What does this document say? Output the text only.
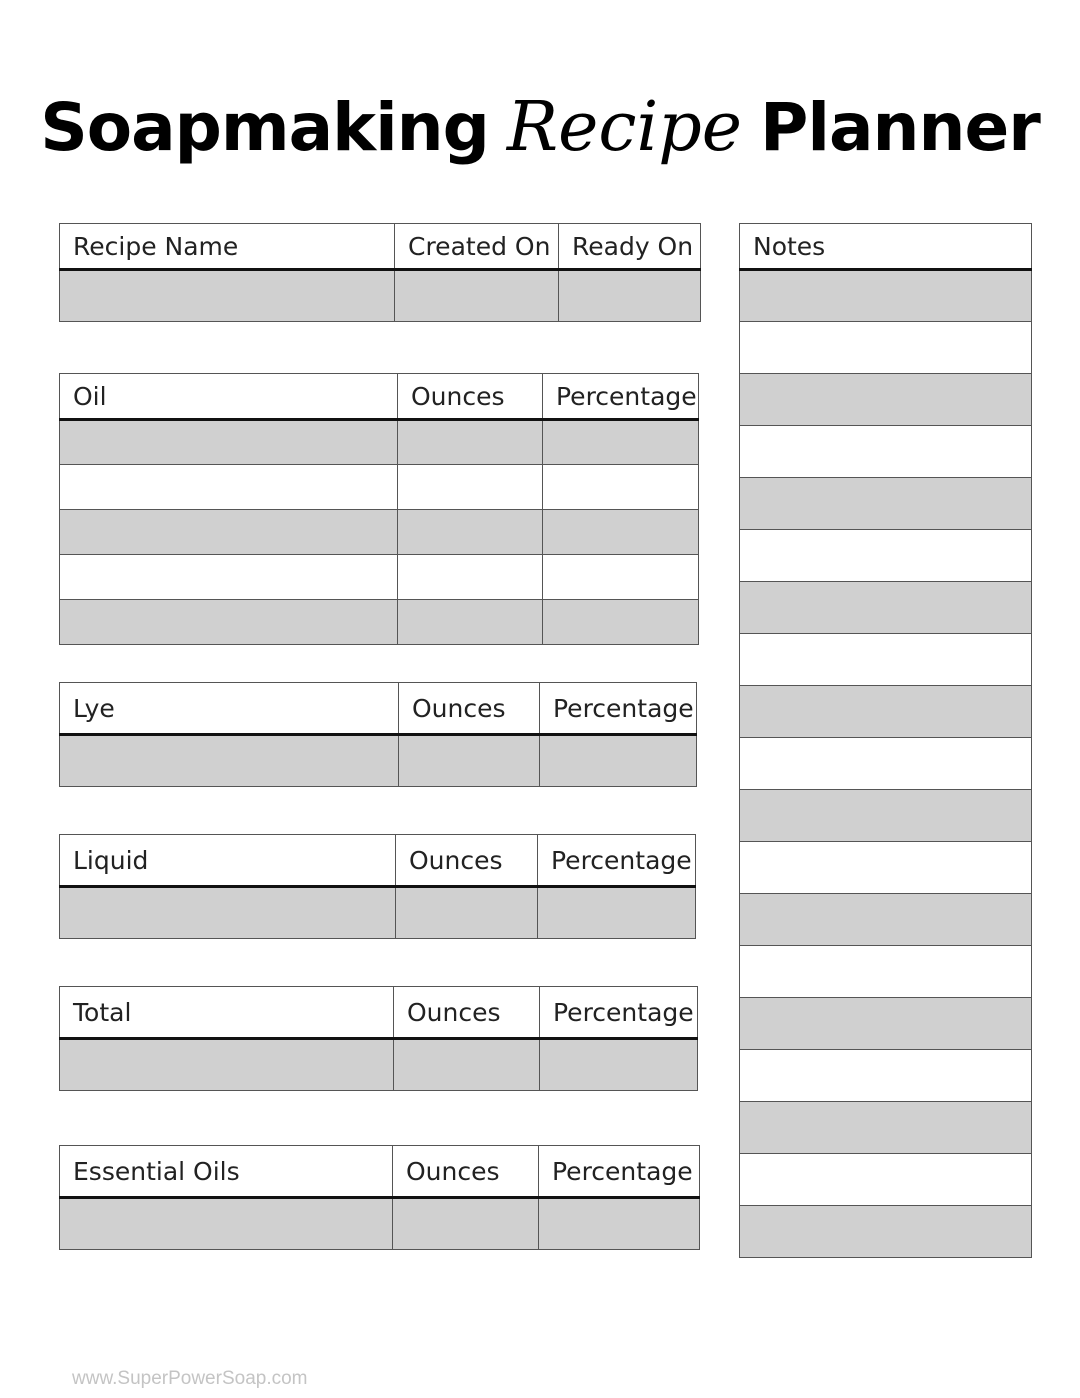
Soapmaking Recipe Planner
Recipe Name	Created On	Ready On

Oil	Ounces	Percentage

Lye	Ounces	Percentage

Liquid	Ounces	Percentage

Total	Ounces	Percentage

Essential Oils	Ounces	Percentage

Notes

www.SuperPowerSoap.com
